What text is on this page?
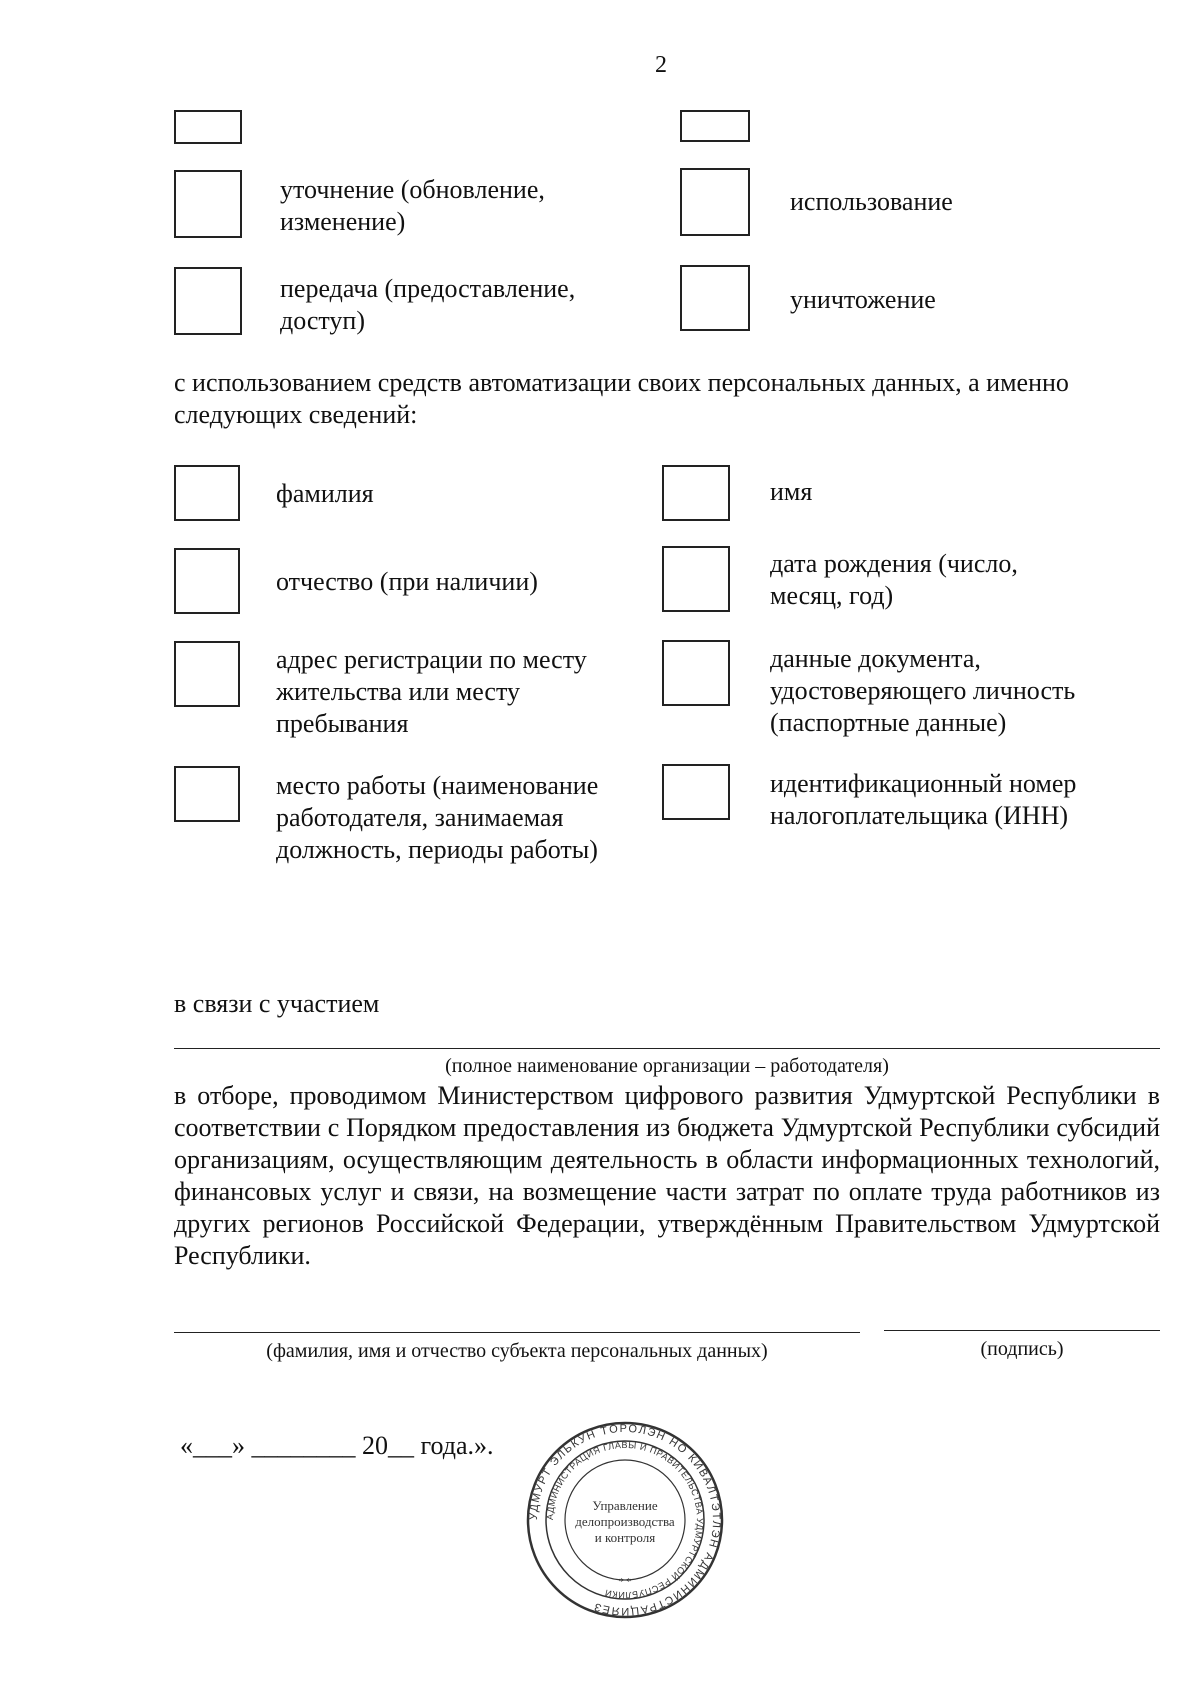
2
уточнение (обновление, изменение)
использование
передача (предоставление, доступ)
уничтожение
с использованием средств автоматизации своих персональных данных, а именно следующих сведений:
фамилия	имя
отчество (при наличии)
дата рождения (число, месяц, год)
адрес регистрации по месту жительства или месту пребывания
данные документа, удостоверяющего личность (паспортные данные)
место работы (наименование работодателя, занимаемая должность, периоды работы)
идентификационный номер налогоплательщика (ИНН)
в связи с участием
(полное наименование организации – работодателя)
в отборе, проводимом Министерством цифрового развития Удмуртской Республики в соответствии с Порядком предоставления из бюджета Удмуртской Республики субсидий организациям, осуществляющим деятельность в области информационных технологий, финансовых услуг и связи, на возмещение части затрат по оплате труда работников из других регионов Российской Федерации, утверждённым Правительством Удмуртской Республики.
(фамилия, имя и отчество субъекта персональных данных)	(подпись)
«___» ________ 20__ года.».
УДМУРТ ЭЛЬКУН ТӦРОЛЭН НО КИВАЛТЭТЛЭН АДМИНИСТРАЦИЯЕЗ
АДМИНИСТРАЦИЯ ГЛАВЫ И ПРАВИТЕЛЬСТВА УДМУРТСКОЙ РЕСПУБЛИКИ
Управление
делопроизводства
и контроля
* *
